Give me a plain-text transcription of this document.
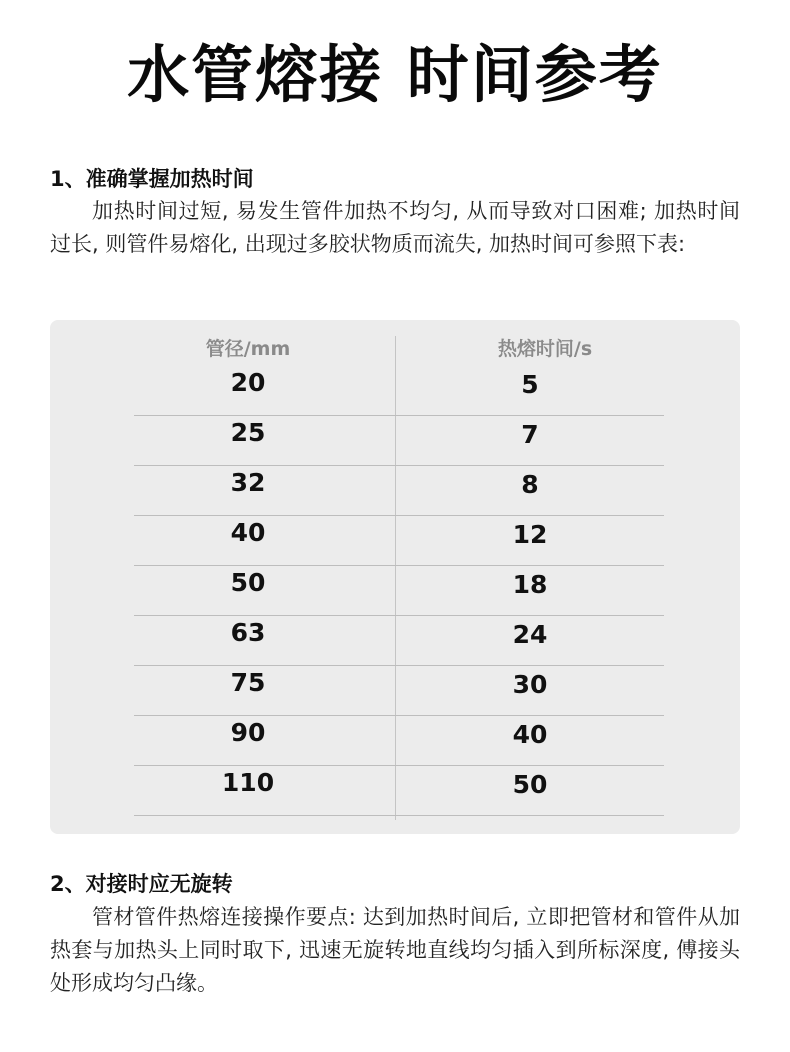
水管熔接 时间参考
1、准确掌握加热时间
加热时间过短, 易发生管件加热不均匀, 从而导致对口困难; 加热时间过长, 则管件易熔化, 出现过多胶状物质而流失, 加热时间可参照下表:
管径/mm	热熔时间/s
20	5
25	7
32	8
40	12
50	18
63	24
75	30
90	40
110	50
2、对接时应无旋转
管材管件热熔连接操作要点: 达到加热时间后, 立即把管材和管件从加热套与加热头上同时取下, 迅速无旋转地直线均匀插入到所标深度, 傅接头处形成均匀凸缘。
